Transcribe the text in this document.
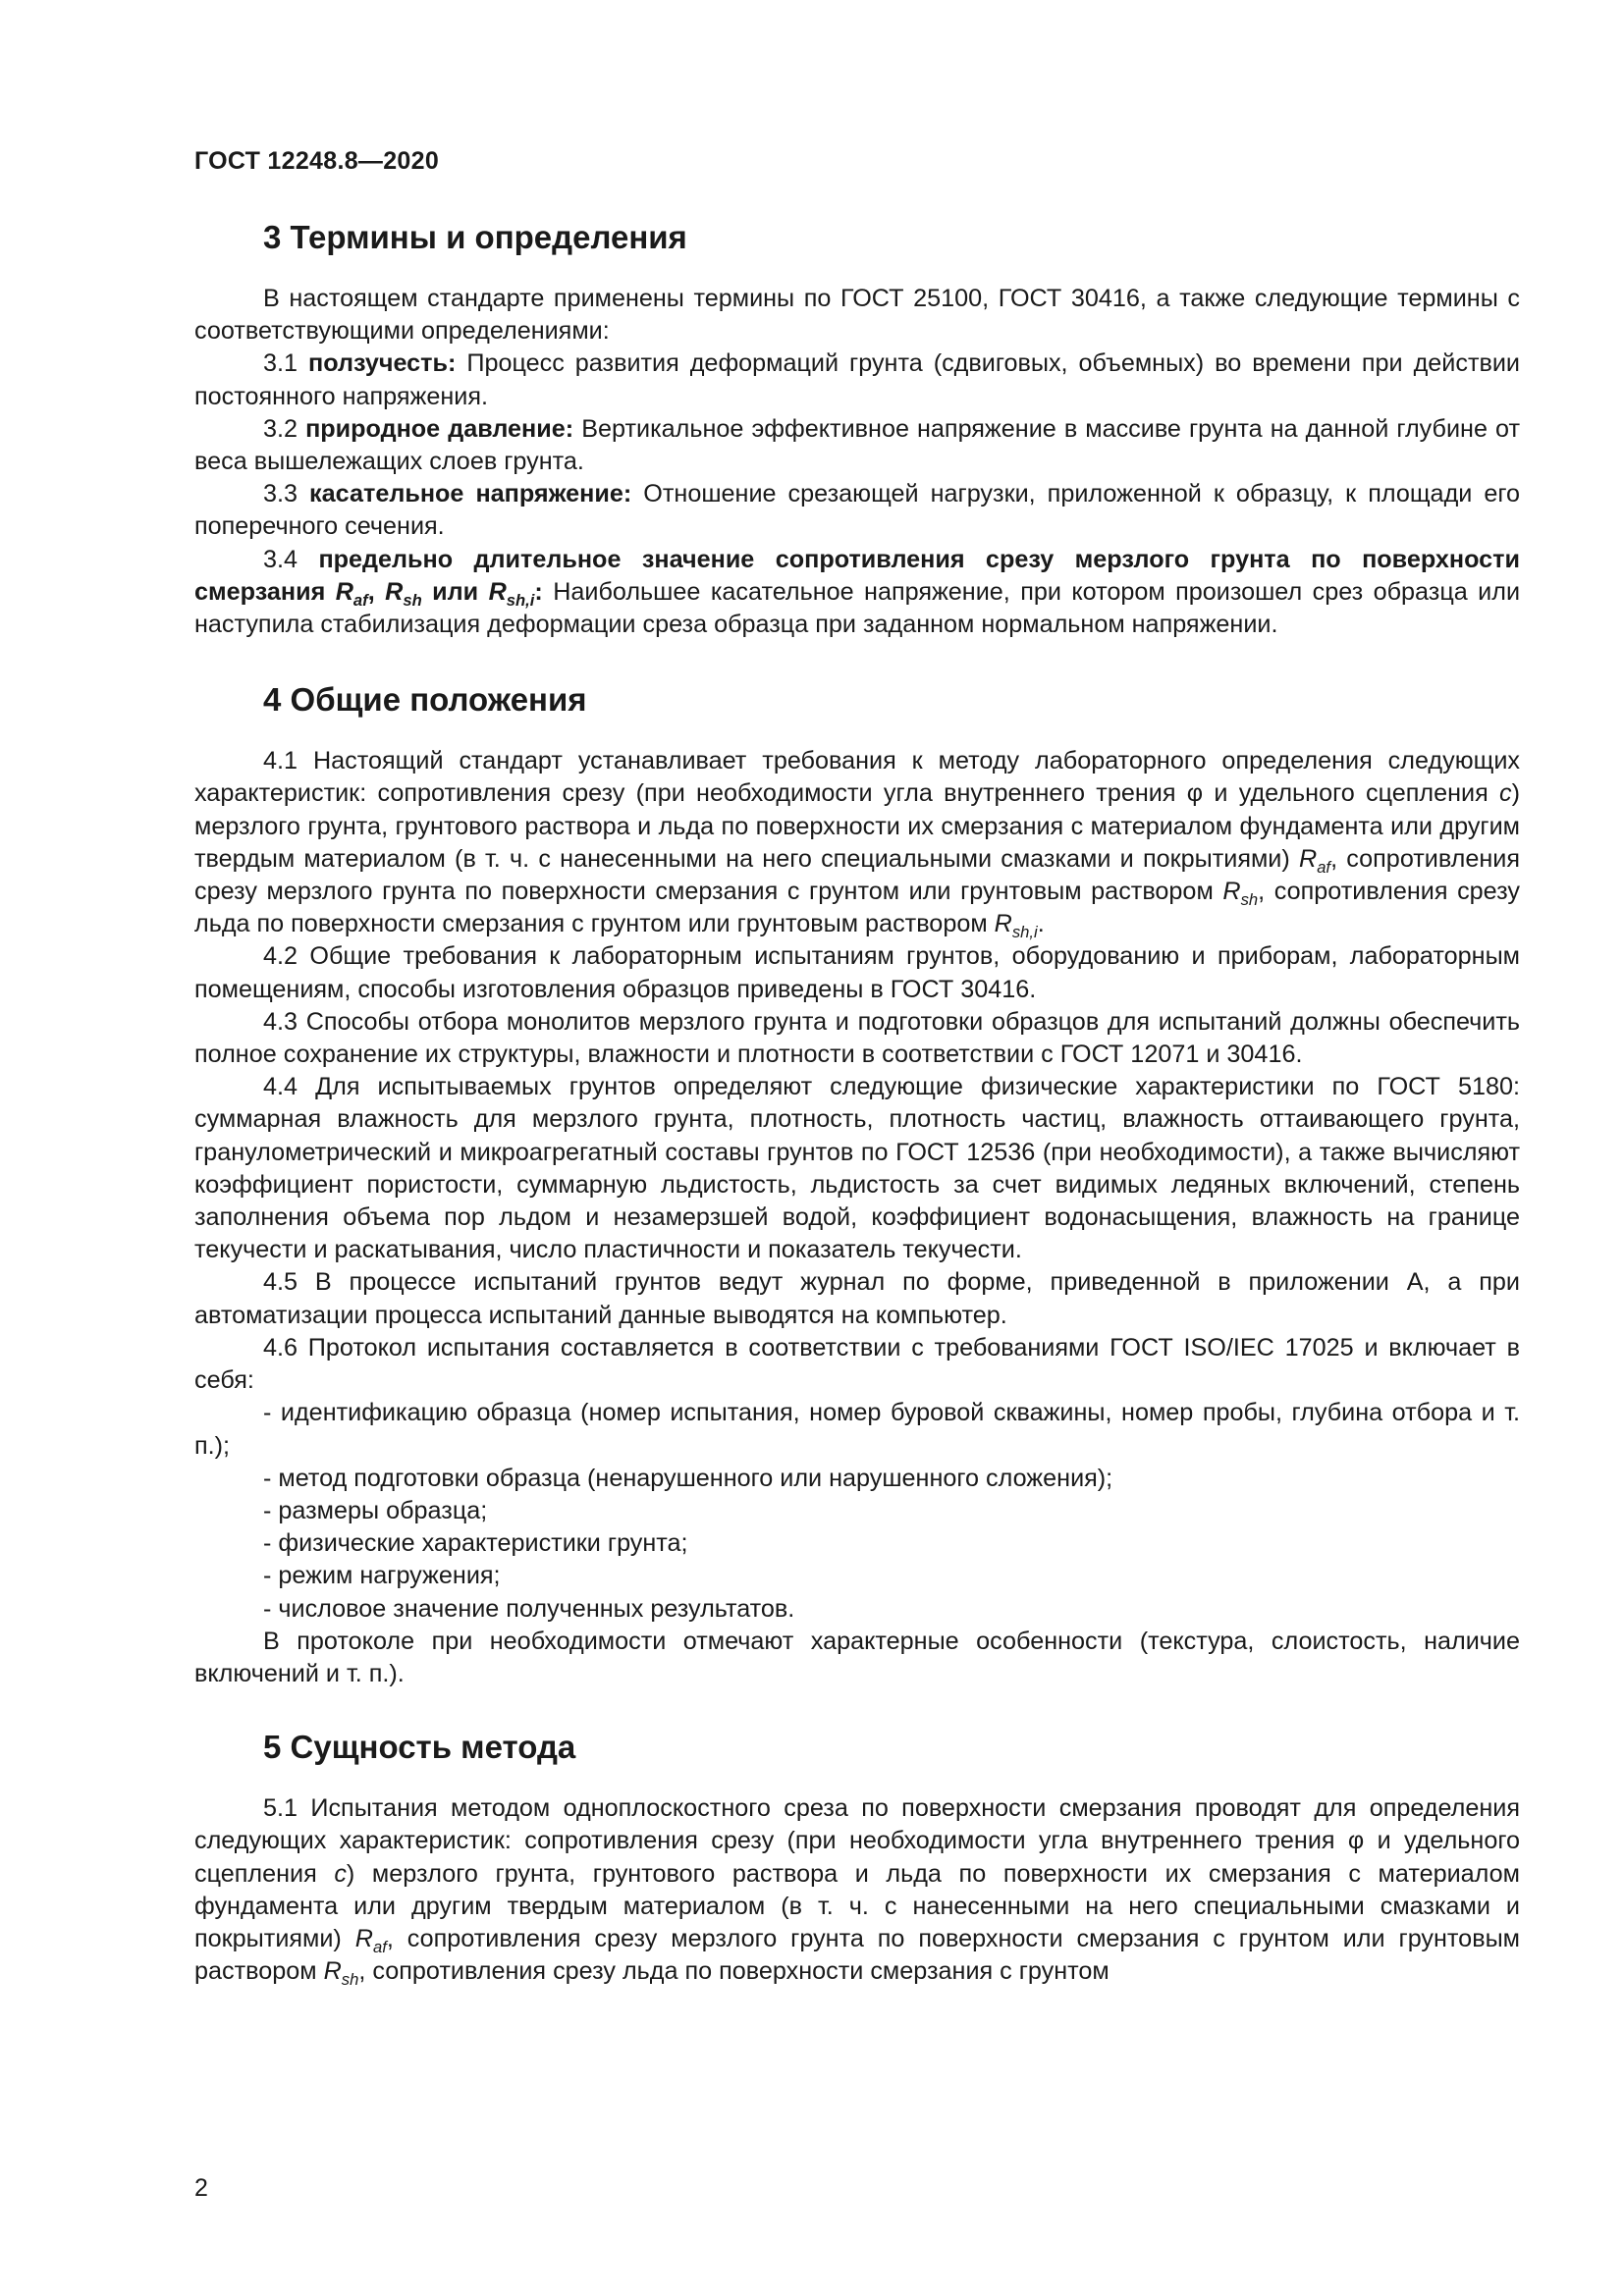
ГОСТ 12248.8—2020
3 Термины и определения

В настоящем стандарте применены термины по ГОСТ 25100, ГОСТ 30416, а также следующие термины с соответствующими определениями:

3.1 ползучесть: Процесс развития деформаций грунта (сдвиговых, объемных) во времени при действии постоянного напряжения.

3.2 природное давление: Вертикальное эффективное напряжение в массиве грунта на данной глубине от веса вышележащих слоев грунта.

3.3 касательное напряжение: Отношение срезающей нагрузки, приложенной к образцу, к площади его поперечного сечения.

3.4 предельно длительное значение сопротивления срезу мерзлого грунта по поверхности смерзания $R_{af}$, $R_{sh}$ или $R_{sh,i}$: Наибольшее касательное напряжение, при котором произошел срез образца или наступила стабилизация деформации среза образца при заданном нормальном напряжении.

4 Общие положения

4.1 Настоящий стандарт устанавливает требования к методу лабораторного определения следующих характеристик: сопротивления срезу (при необходимости угла внутреннего трения φ и удельного сцепления c) мерзлого грунта, грунтового раствора и льда по поверхности их смерзания с материалом фундамента или другим твердым материалом (в т. ч. с нанесенными на него специальными смазками и покрытиями) $R_{af}$, сопротивления срезу мерзлого грунта по поверхности смерзания с грунтом или грунтовым раствором $R_{sh}$, сопротивления срезу льда по поверхности смерзания с грунтом или грунтовым раствором $R_{sh,i}$.

4.2 Общие требования к лабораторным испытаниям грунтов, оборудованию и приборам, лабораторным помещениям, способы изготовления образцов приведены в ГОСТ 30416.

4.3 Способы отбора монолитов мерзлого грунта и подготовки образцов для испытаний должны обеспечить полное сохранение их структуры, влажности и плотности в соответствии с ГОСТ 12071 и 30416.

4.4 Для испытываемых грунтов определяют следующие физические характеристики по ГОСТ 5180: суммарная влажность для мерзлого грунта, плотность, плотность частиц, влажность оттаивающего грунта, гранулометрический и микроагрегатный составы грунтов по ГОСТ 12536 (при необходимости), а также вычисляют коэффициент пористости, суммарную льдистость, льдистость за счет видимых ледяных включений, степень заполнения объема пор льдом и незамерзшей водой, коэффициент водонасыщения, влажность на границе текучести и раскатывания, число пластичности и показатель текучести.

4.5 В процессе испытаний грунтов ведут журнал по форме, приведенной в приложении А, а при автоматизации процесса испытаний данные выводятся на компьютер.

4.6 Протокол испытания составляется в соответствии с требованиями ГОСТ ISO/IEC 17025 и включает в себя:

- идентификацию образца (номер испытания, номер буровой скважины, номер пробы, глубина отбора и т. п.);

- метод подготовки образца (ненарушенного или нарушенного сложения);

- размеры образца;

- физические характеристики грунта;

- режим нагружения;

- числовое значение полученных результатов.

В протоколе при необходимости отмечают характерные особенности (текстура, слоистость, наличие включений и т. п.).

5 Сущность метода

5.1 Испытания методом одноплоскостного среза по поверхности смерзания проводят для определения следующих характеристик: сопротивления срезу (при необходимости угла внутреннего трения φ и удельного сцепления c) мерзлого грунта, грунтового раствора и льда по поверхности их смерзания с материалом фундамента или другим твердым материалом (в т. ч. с нанесенными на него специальными смазками и покрытиями) $R_{af}$, сопротивления срезу мерзлого грунта по поверхности смерзания с грунтом или грунтовым раствором $R_{sh}$, сопротивления срезу льда по поверхности смерзания с грунтом

2
